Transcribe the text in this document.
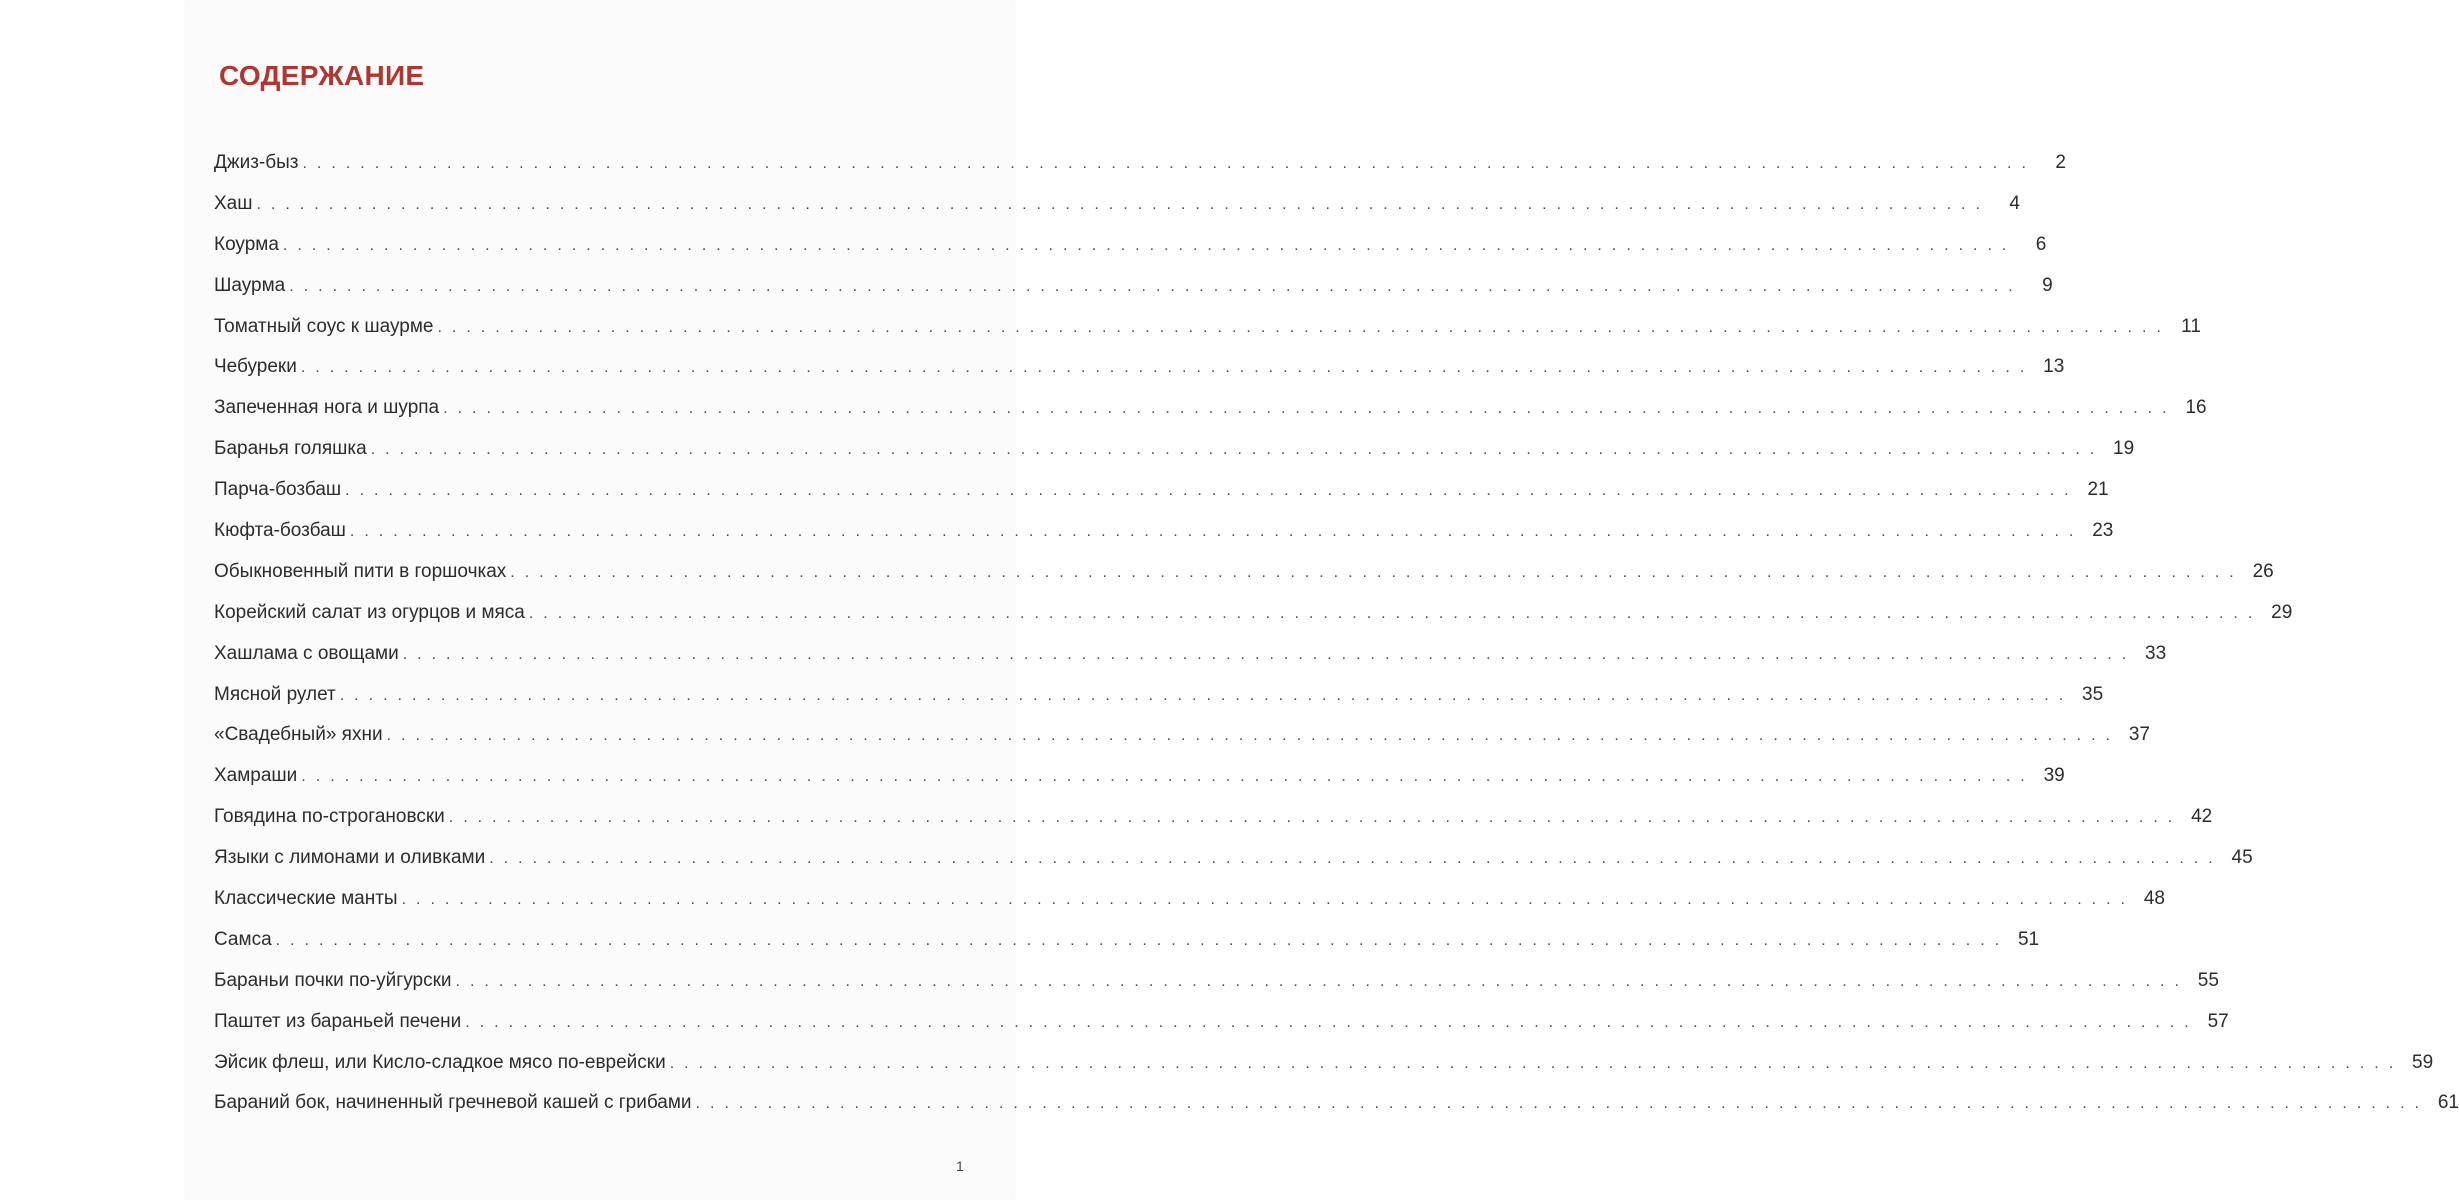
СОДЕРЖАНИЕ
Джиз-быз ........................................................................................................................	2
Хаш ........................................................................................................................	4
Коурма ........................................................................................................................	6
Шаурма ........................................................................................................................	9
Томатный соус к шаурме ........................................................................................................................ 11
Чебуреки ........................................................................................................................ 13
Запеченная нога и шурпа ........................................................................................................................ 16
Баранья голяшка ........................................................................................................................ 19
Парча-бозбаш ........................................................................................................................ 21
Кюфта-бозбаш ........................................................................................................................ 23
Обыкновенный пити в горшочках ........................................................................................................................ 26
Корейский салат из огурцов и мяса ........................................................................................................................ 29
Хашлама с овощами ........................................................................................................................ 33
Мясной рулет ........................................................................................................................ 35
«Свадебный» яхни ........................................................................................................................ 37
Хамраши ........................................................................................................................ 39
Говядина по-строгановски ........................................................................................................................ 42
Языки с лимонами и оливками ........................................................................................................................ 45
Классические манты ........................................................................................................................ 48
Самса ........................................................................................................................ 51
Бараньи почки по-уйгурски ........................................................................................................................ 55
Паштет из бараньей печени ........................................................................................................................ 57
Эйсик флеш, или Кисло-сладкое мясо по-еврейски ........................................................................................................................ 59
Бараний бок, начиненный гречневой кашей с грибами ........................................................................................................................ 61
1
